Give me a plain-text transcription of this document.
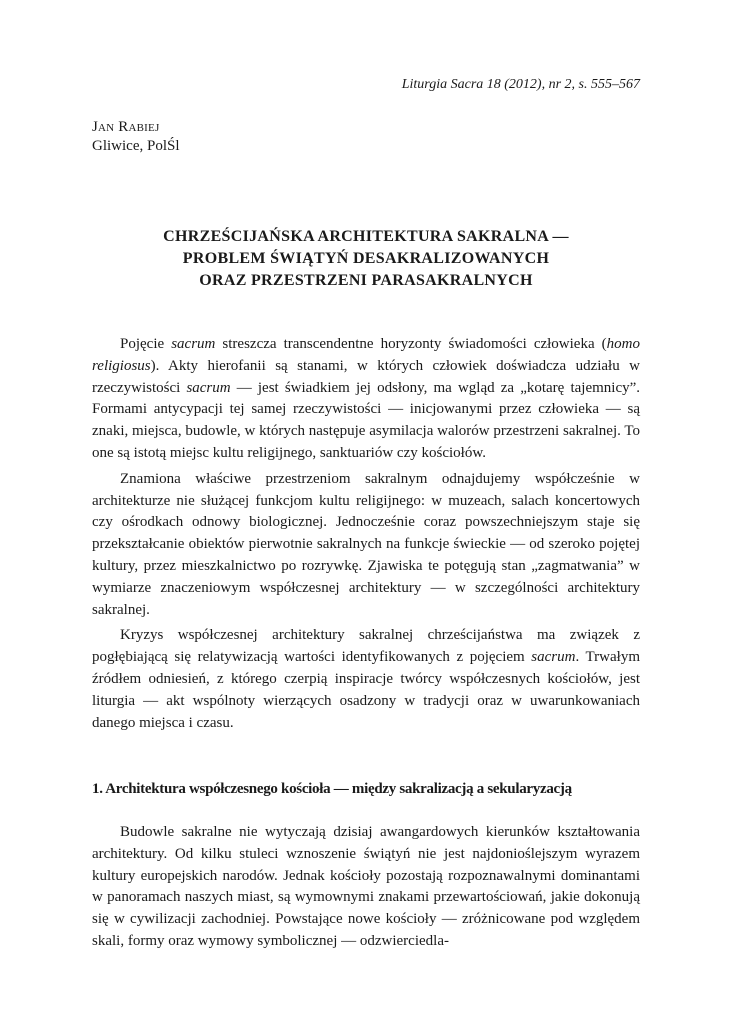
Liturgia Sacra 18 (2012), nr 2, s. 555–567
Jan Rabiej
Gliwice, PolŚl
CHRZEŚCIJAŃSKA ARCHITEKTURA SAKRALNA —
PROBLEM ŚWIĄTYŃ DESAKRALIZOWANYCH
ORAZ PRZESTRZENI PARASAKRALNYCH

Pojęcie sacrum streszcza transcendentne horyzonty świadomości człowieka (homo religiosus). Akty hierofanii są stanami, w których człowiek doświadcza udziału w rzeczywistości sacrum — jest świadkiem jej odsłony, ma wgląd za „kotarę tajemnicy”. Formami antycypacji tej samej rzeczywistości — inicjowanymi przez człowieka — są znaki, miejsca, budowle, w których następuje asymilacja walorów przestrzeni sakralnej. To one są istotą miejsc kultu religijnego, sanktuariów czy kościołów.

Znamiona właściwe przestrzeniom sakralnym odnajdujemy współcześnie w architekturze nie służącej funkcjom kultu religijnego: w muzeach, salach koncertowych czy ośrodkach odnowy biologicznej. Jednocześnie coraz powszechniejszym staje się przekształcanie obiektów pierwotnie sakralnych na funkcje świeckie — od szeroko pojętej kultury, przez mieszkalnictwo po rozrywkę. Zjawiska te potęgują stan „zagmatwania” w wymiarze znaczeniowym współczesnej architektury — w szczególności architektury sakralnej.

Kryzys współczesnej architektury sakralnej chrześcijaństwa ma związek z pogłębiającą się relatywizacją wartości identyfikowanych z pojęciem sacrum. Trwałym źródłem odniesień, z którego czerpią inspiracje twórcy współczesnych kościołów, jest liturgia — akt wspólnoty wierzących osadzony w tradycji oraz w uwarunkowaniach danego miejsca i czasu.

1. Architektura współczesnego kościoła — między sakralizacją a sekularyzacją

Budowle sakralne nie wytyczają dzisiaj awangardowych kierunków kształtowania architektury. Od kilku stuleci wznoszenie świątyń nie jest najdonioślejszym wyrazem kultury europejskich narodów. Jednak kościoły pozostają rozpoznawalnymi dominantami w panoramach naszych miast, są wymownymi znakami przewartościowań, jakie dokonują się w cywilizacji zachodniej. Powstające nowe kościoły — zróżnicowane pod względem skali, formy oraz wymowy symbolicznej — odzwierciedla-
